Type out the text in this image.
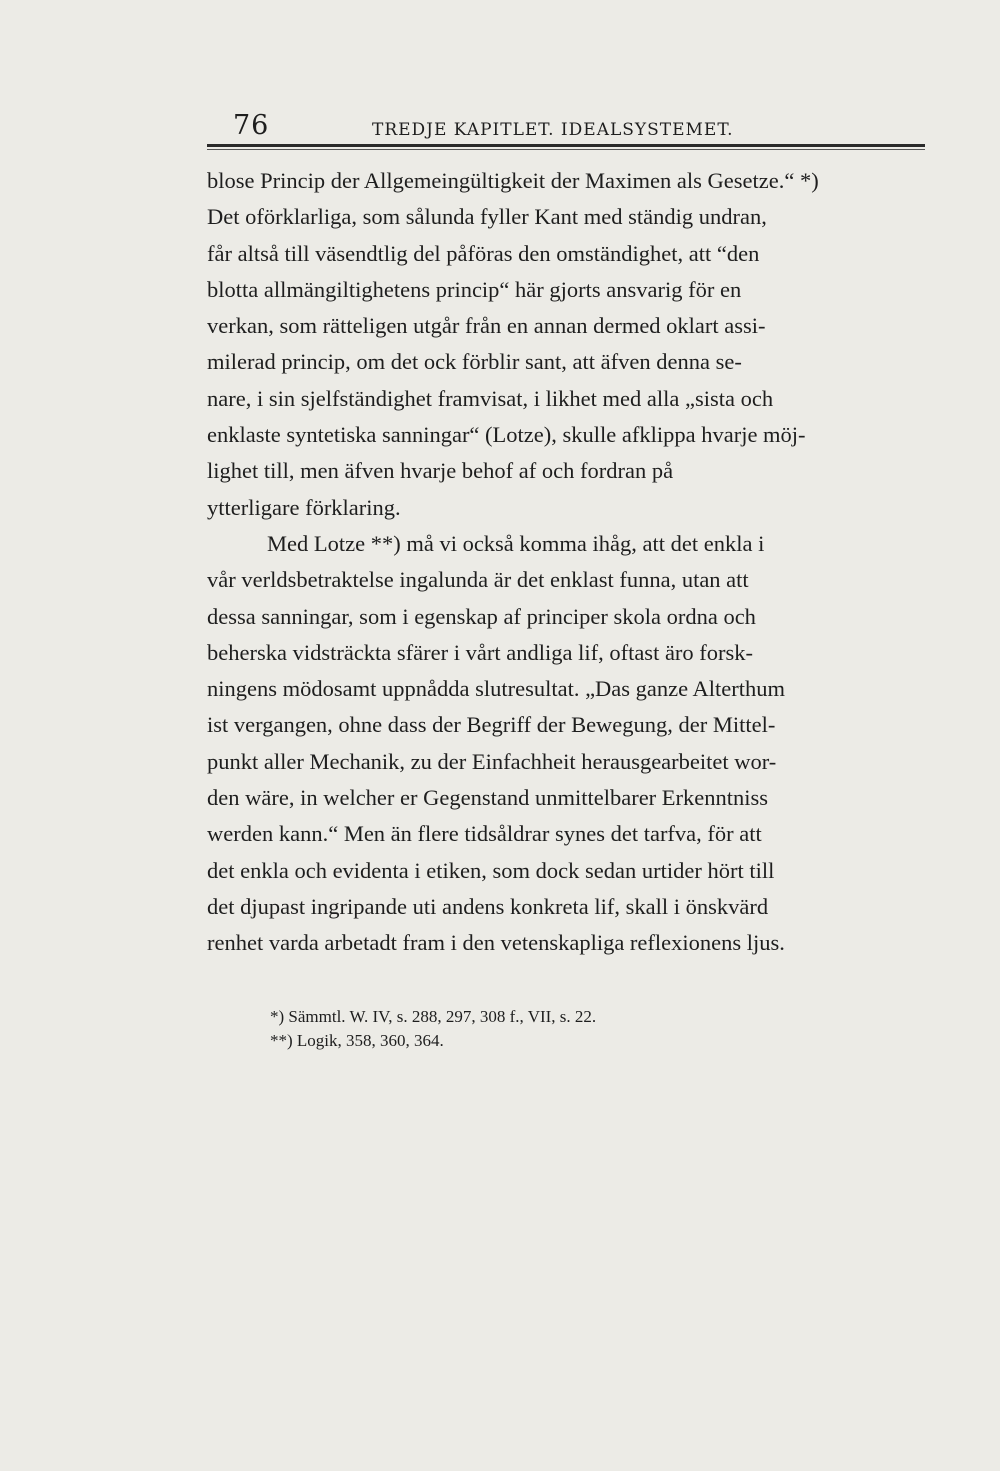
76	TREDJE KAPITLET. IDEALSYSTEMET.
blose Princip der Allgemeingültigkeit der Maximen als Gesetze.“ *)
Det oförklarliga, som sålunda fyller Kant med ständig undran,
får altså till väsendtlig del påföras den omständighet, att “den
blotta allmängiltighetens princip“ här gjorts ansvarig för en
verkan, som rätteligen utgår från en annan dermed oklart assi-
milerad princip, om det ock förblir sant, att äfven denna se-
nare, i sin sjelfständighet framvisat, i likhet med alla „sista och
enklaste syntetiska sanningar“ (Lotze), skulle afklippa hvarje möj-
lighet till, men äfven hvarje behof af och fordran på
ytterligare förklaring.
Med Lotze **) må vi också komma ihåg, att det enkla i
vår verldsbetraktelse ingalunda är det enklast funna, utan att
dessa sanningar, som i egenskap af principer skola ordna och
beherska vidsträckta sfärer i vårt andliga lif, oftast äro forsk-
ningens mödosamt uppnådda slutresultat. „Das ganze Alterthum
ist vergangen, ohne dass der Begriff der Bewegung, der Mittel-
punkt aller Mechanik, zu der Einfachheit herausgearbeitet wor-
den wäre, in welcher er Gegenstand unmittelbarer Erkenntniss
werden kann.“ Men än flere tidsåldrar synes det tarfva, för att
det enkla och evidenta i etiken, som dock sedan urtider hört till
det djupast ingripande uti andens konkreta lif, skall i önskvärd
renhet varda arbetadt fram i den vetenskapliga reflexionens ljus.
*) Sämmtl. W. IV, s. 288, 297, 308 f., VII, s. 22.
**) Logik, 358, 360, 364.
